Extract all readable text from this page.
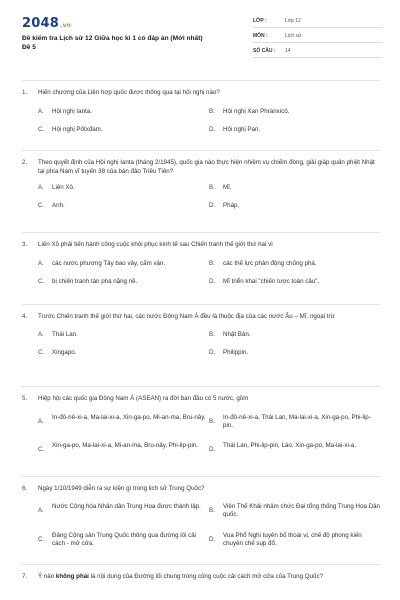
2048.vn
Đề kiểm tra Lịch sử 12 Giữa học kì 1 có đáp án (Mới nhất)
Đề 5
LỚP :	Lớp 12
MÔN :	Lịch sử
SỐ CÂU : 14
1. Hiến chương của Liên hợp quốc được thông qua tại hội nghị nào?
A. Hội nghị Ianta.	B. Hội nghị Xan Phranxicô.
C. Hội nghị Pốtxđam.	D. Hội nghị Pari.
2. Theo quyết định của Hội nghị Ianta (tháng 2/1945), quốc gia nào thực hiện nhiệm vụ chiếm đóng, giải giáp quân phiệt Nhật tại phía Nam vĩ tuyến 38 của bán đảo Triều Tiên?
A. Liên Xô.	B. Mĩ.
C. Anh.	D. Pháp.
3. Liên Xô phải tiến hành công cuộc khôi phục kinh tế sau Chiến tranh thế giới thứ hai vì
A. các nước phương Tây bao vây, cấm vận.	B. các thế lực phản động chống phá.
C. bị chiến tranh tàn phá nặng nề.	D. Mĩ triển khai "chiến lược toàn cầu".
4. Trước Chiến tranh thế giới thứ hai, các nước Đông Nam Á đều là thuộc địa của các nước Âu – Mĩ, ngoại trừ
A. Thái Lan.	B. Nhật Bản.
C. Xingapo.	D. Philippin.
5. Hiệp hội các quốc gia Đông Nam Á (ASEAN) ra đời ban đầu có 5 nước, gồm
A.
In-đô-nê-xi-a, Ma-lai-xi-a, Xin-ga-po, Mi-an-ma, Bru-nây.
B.
In-đô-nê-xi-a, Thái Lan, Ma-lai-xi-a, Xin-ga-po, Phi-lip-pin.
C.
Xin-ga-po, Ma-lai-xi-a, Mi-an-ma, Bru-nây, Phi-lip-pin.
D.
Thái Lan, Phi-lip-pin, Lào, Xin-ga-po, Ma-lai-xi-a.
6. Ngày 1/10/1949 diễn ra sự kiện gì trong lịch sử Trung Quốc?
A.
Nước Cộng hòa Nhân dân Trung Hoa được thành lập.
B.
Viên Thế Khải nhậm chức Đại tổng thống Trung Hoa Dân quốc.
C.
Đảng Cộng sản Trung Quốc thông qua đường lối cải cách - mở cửa.
D.
Vua Phổ Nghi tuyên bố thoái vị, chế độ phong kiến chuyên chế sụp đổ.
7. Ý nào không phải là nội dung của Đường lối chung trong công cuộc cải cách mở cửa của Trung Quốc?
